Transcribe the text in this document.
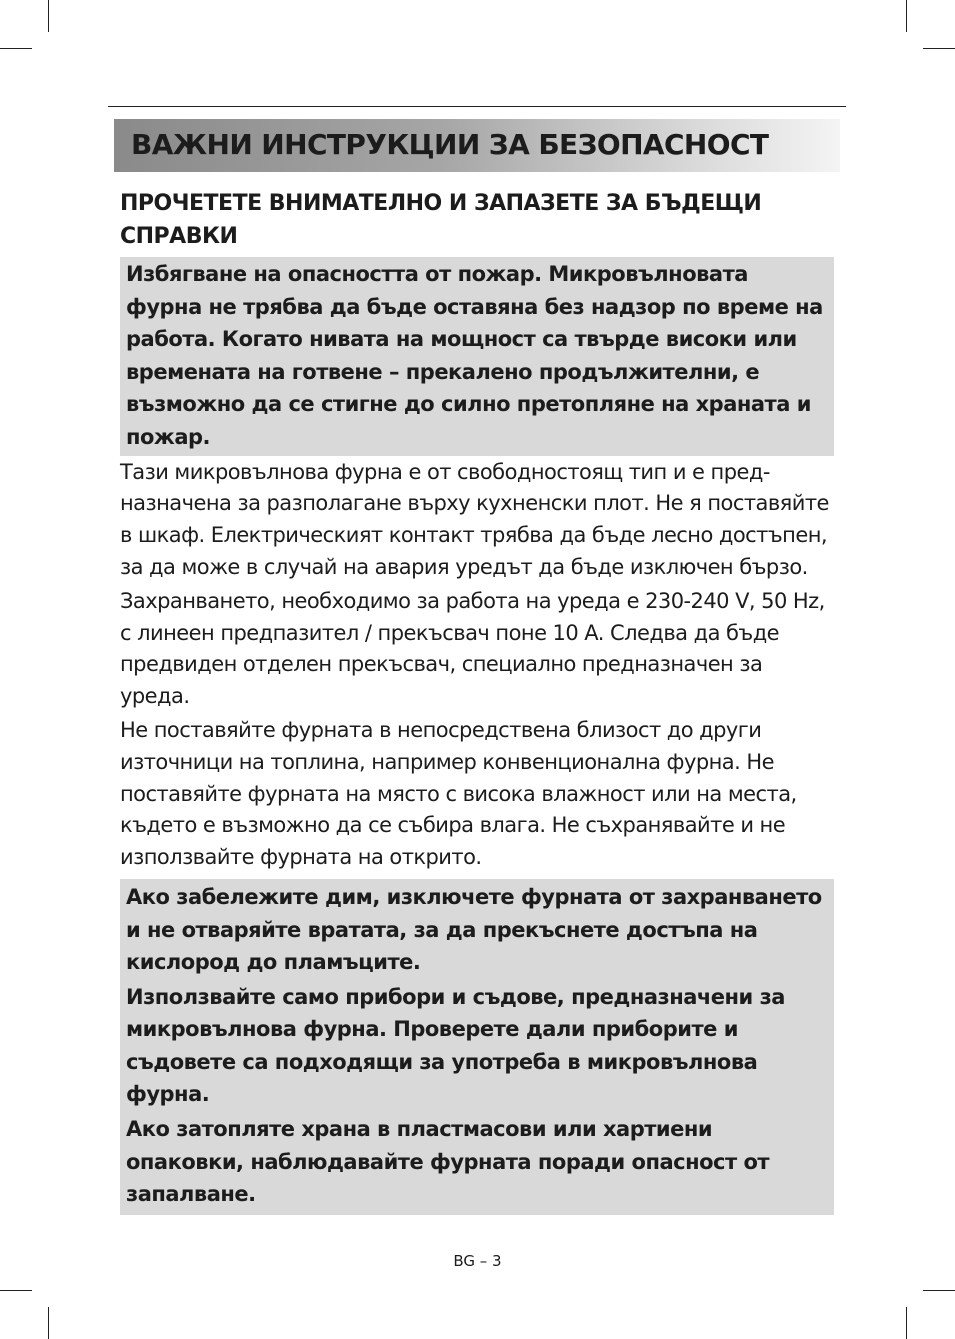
ВАЖНИ ИНСТРУКЦИИ ЗА БЕЗОПАСНОСТ
ПРОЧЕТЕТЕ ВНИМАТЕЛНО И ЗАПАЗЕТЕ ЗА БЪДЕЩИ СПРАВКИ

Избягване на опасността от пожар. Микровълновата фурна не трябва да бъде оставяна без надзор по време на работа. Когато нивата на мощност са твърде високи или времената на готвене – прекалено продължителни, е възможно да се стигне до силно претопляне на храната и пожар.

Тази микровълнова фурна е от свободностоящ тип и е предназначена за разполагане върху кухненски плот. Не я поставяйте в шкаф. Електрическият контакт трябва да бъде лесно достъпен, за да може в случай на авария уредът да бъде изключен бързо.

Захранването, необходимо за работа на уреда е 230-240 V, 50 Hz, с линеен предпазител / прекъсвач поне 10 A. Следва да бъде предвиден отделен прекъсвач, специално предназначен за уреда.

Не поставяйте фурната в непосредствена близост до други източници на топлина, например конвенционална фурна. Не поставяйте фурната на място с висока влажност или на места, където е възможно да се събира влага. Не съхранявайте и не използвайте фурната на открито.

Ако забележите дим, изключете фурната от захранването и не отваряйте вратата, за да прекъснете достъпа на кислород до пламъците.

Използвайте само прибори и съдове, предназначени за микровълнова фурна. Проверете дали приборите и съдовете са подходящи за употреба в микровълнова фурна.

Ако затопляте храна в пластмасови или хартиени опаковки, наблюдавайте фурната поради опасност от запалване.

BG – 3
